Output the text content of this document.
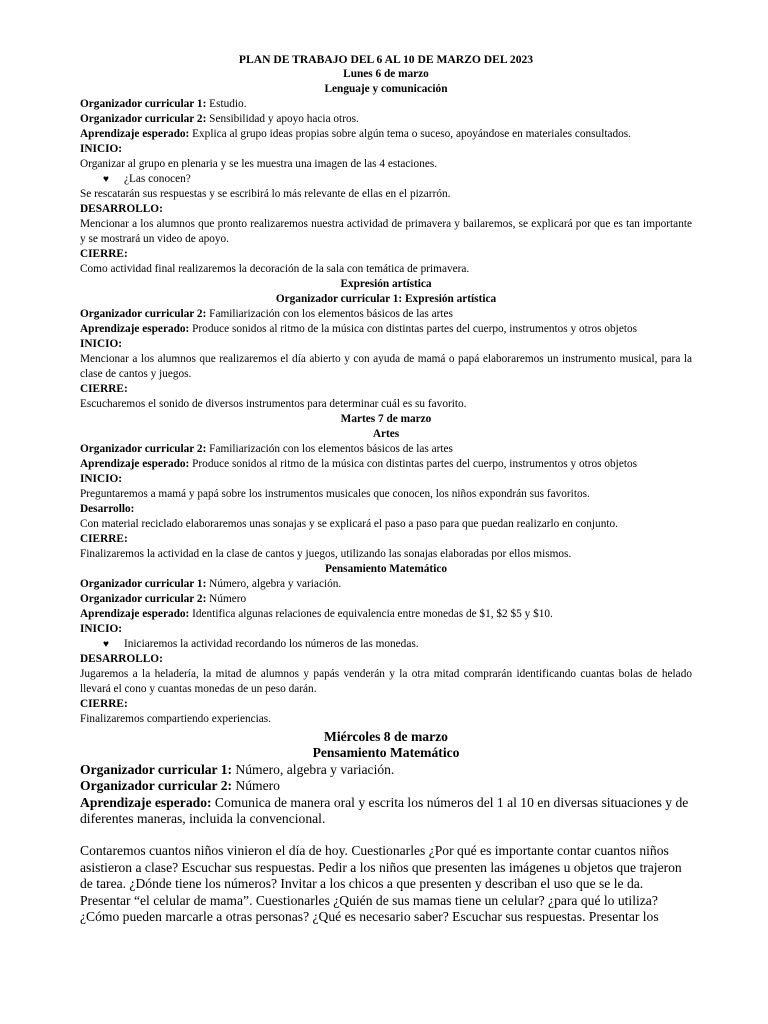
PLAN DE TRABAJO DEL 6 AL 10 DE MARZO DEL 2023
Lunes 6 de marzo
Lenguaje y comunicación

Organizador curricular 1: Estudio.

Organizador curricular 2: Sensibilidad y apoyo hacia otros.

Aprendizaje esperado: Explica al grupo ideas propias sobre algún tema o suceso, apoyándose en materiales consultados.

INICIO:

Organizar al grupo en plenaria y se les muestra una imagen de las 4 estaciones.

♥ ¿Las conocen?

Se rescatarán sus respuestas y se escribirá lo más relevante de ellas en el pizarrón.

DESARROLLO:

Mencionar a los alumnos que pronto realizaremos nuestra actividad de primavera y bailaremos, se explicará por que es tan importante y se mostrará un video de apoyo.

CIERRE:

Como actividad final realizaremos la decoración de la sala con temática de primavera.

Expresión artística
Organizador curricular 1: Expresión artística

Organizador curricular 2: Familiarización con los elementos básicos de las artes

Aprendizaje esperado: Produce sonidos al ritmo de la música con distintas partes del cuerpo, instrumentos y otros objetos

INICIO:

Mencionar a los alumnos que realizaremos el día abierto y con ayuda de mamá o papá elaboraremos un instrumento musical, para la clase de cantos y juegos.

CIERRE:

Escucharemos el sonido de diversos instrumentos para determinar cuál es su favorito.

Martes 7 de marzo
Artes

Organizador curricular 2: Familiarización con los elementos básicos de las artes

Aprendizaje esperado: Produce sonidos al ritmo de la música con distintas partes del cuerpo, instrumentos y otros objetos

INICIO:

Preguntaremos a mamá y papá sobre los instrumentos musicales que conocen, los niños expondrán sus favoritos.

Desarrollo:

Con material reciclado elaboraremos unas sonajas y se explicará el paso a paso para que puedan realizarlo en conjunto.

CIERRE:

Finalizaremos la actividad en la clase de cantos y juegos, utilizando las sonajas elaboradas por ellos mismos.

Pensamiento Matemático

Organizador curricular 1: Número, algebra y variación.

Organizador curricular 2: Número

Aprendizaje esperado: Identifica algunas relaciones de equivalencia entre monedas de $1, $2 $5 y $10.

INICIO:

♥ Iniciaremos la actividad recordando los números de las monedas.

DESARROLLO:

Jugaremos a la heladería, la mitad de alumnos y papás venderán y la otra mitad comprarán identificando cuantas bolas de helado llevará el cono y cuantas monedas de un peso darán.

CIERRE:

Finalizaremos compartiendo experiencias.

Miércoles 8 de marzo
Pensamiento Matemático

Organizador curricular 1: Número, algebra y variación.

Organizador curricular 2: Número

Aprendizaje esperado: Comunica de manera oral y escrita los números del 1 al 10 en diversas situaciones y de diferentes maneras, incluida la convencional.

Contaremos cuantos niños vinieron el día de hoy. Cuestionarles ¿Por qué es importante contar cuantos niños asistieron a clase? Escuchar sus respuestas. Pedir a los niños que presenten las imágenes u objetos que trajeron de tarea. ¿Dónde tiene los números? Invitar a los chicos a que presenten y describan el uso que se le da. Presentar “el celular de mama”. Cuestionarles ¿Quién de sus mamas tiene un celular? ¿para qué lo utiliza? ¿Cómo pueden marcarle a otras personas? ¿Qué es necesario saber? Escuchar sus respuestas. Presentar los
